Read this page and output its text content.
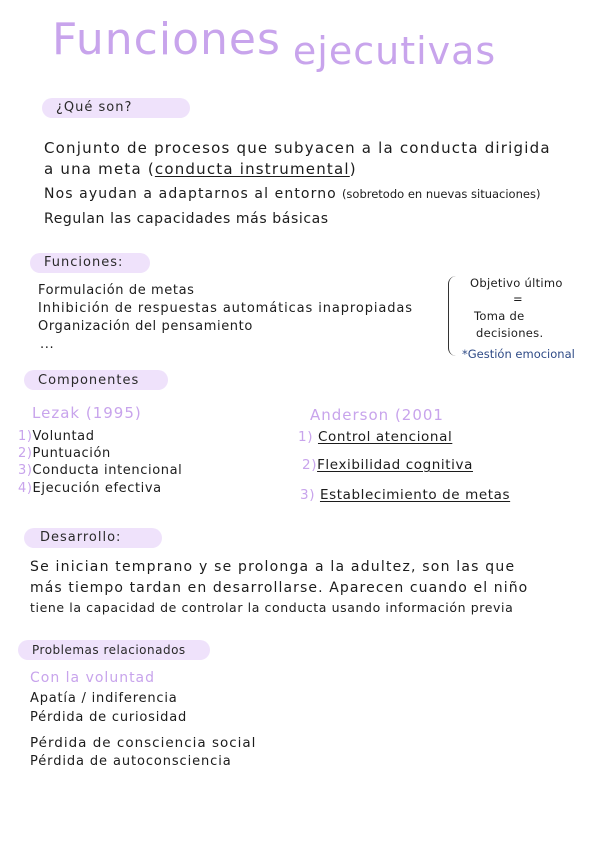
Funciones ejecutivas
¿Qué son?
Conjunto de procesos que subyacen a la conducta dirigida
a una meta (conducta instrumental)
Nos ayudan a adaptarnos al entorno (sobretodo en nuevas situaciones)
Regulan las capacidades más básicas
Funciones:
Formulación de metas
Inhibición de respuestas automáticas inapropiadas
Organización del pensamiento
...
Objetivo último
=
Toma de
decisiones.
*Gestión emocional
Componentes
Lezak (1995)
1)Voluntad
2)Puntuación
3)Conducta intencional
4)Ejecución efectiva
Anderson (2001
1) Control atencional
2)Flexibilidad cognitiva
3) Establecimiento de metas
Desarrollo:
Se inician temprano y se prolonga a la adultez, son las que
más tiempo tardan en desarrollarse. Aparecen cuando el niño
tiene la capacidad de controlar la conducta usando información previa
Problemas relacionados
Con la voluntad
Apatía / indiferencia
Pérdida de curiosidad
Pérdida de consciencia social
Pérdida de autoconsciencia
